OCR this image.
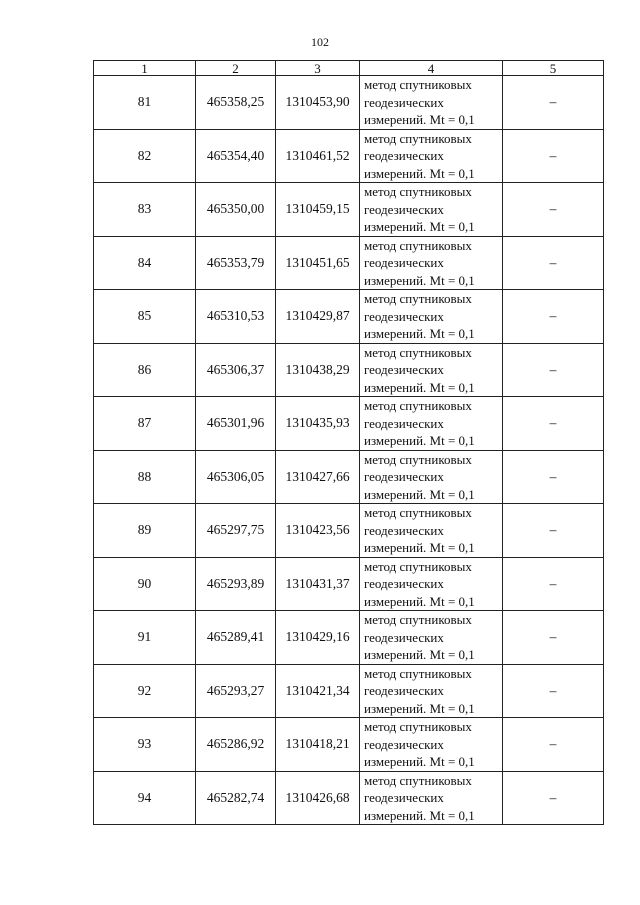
102
1	2	3	4	5
81	465358,25	1310453,90	метод спутниковых
геодезических
измерений. Mt = 0,1	–
82	465354,40	1310461,52	метод спутниковых
геодезических
измерений. Mt = 0,1	–
83	465350,00	1310459,15	метод спутниковых
геодезических
измерений. Mt = 0,1	–
84	465353,79	1310451,65	метод спутниковых
геодезических
измерений. Mt = 0,1	–
85	465310,53	1310429,87	метод спутниковых
геодезических
измерений. Mt = 0,1	–
86	465306,37	1310438,29	метод спутниковых
геодезических
измерений. Mt = 0,1	–
87	465301,96	1310435,93	метод спутниковых
геодезических
измерений. Mt = 0,1	–
88	465306,05	1310427,66	метод спутниковых
геодезических
измерений. Mt = 0,1	–
89	465297,75	1310423,56	метод спутниковых
геодезических
измерений. Mt = 0,1	–
90	465293,89	1310431,37	метод спутниковых
геодезических
измерений. Mt = 0,1	–
91	465289,41	1310429,16	метод спутниковых
геодезических
измерений. Mt = 0,1	–
92	465293,27	1310421,34	метод спутниковых
геодезических
измерений. Mt = 0,1	–
93	465286,92	1310418,21	метод спутниковых
геодезических
измерений. Mt = 0,1	–
94	465282,74	1310426,68	метод спутниковых
геодезических
измерений. Mt = 0,1	–
